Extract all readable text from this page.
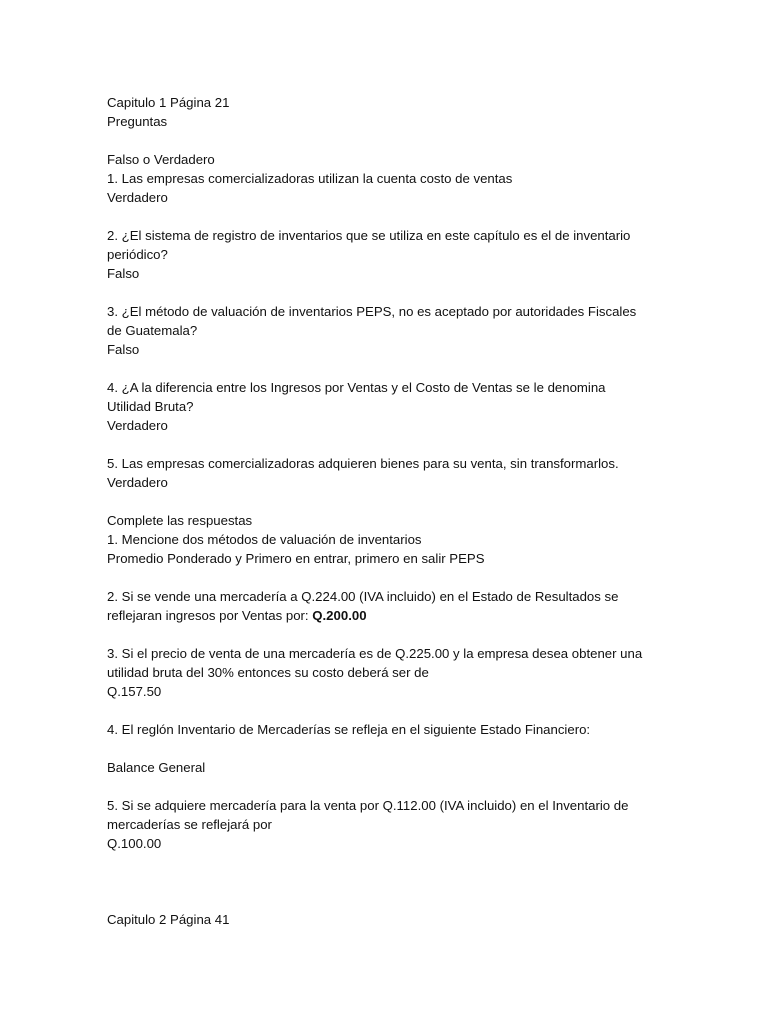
Capitulo 1 Página 21
Preguntas
Falso o Verdadero
1. Las empresas comercializadoras utilizan la cuenta costo de ventas
Verdadero
2. ¿El sistema de registro de inventarios que se utiliza en este capítulo es el de inventario
periódico?
Falso
3. ¿El método de valuación de inventarios PEPS, no es aceptado por autoridades Fiscales
de Guatemala?
Falso
4. ¿A la diferencia entre los Ingresos por Ventas y el Costo de Ventas se le denomina
Utilidad Bruta?
Verdadero
5. Las empresas comercializadoras adquieren bienes para su venta, sin transformarlos.
Verdadero
Complete las respuestas
1. Mencione dos métodos de valuación de inventarios
Promedio Ponderado y Primero en entrar, primero en salir PEPS
2. Si se vende una mercadería a Q.224.00 (IVA incluido) en el Estado de Resultados se
reflejaran ingresos por Ventas por: Q.200.00
3. Si el precio de venta de una mercadería es de Q.225.00 y la empresa desea obtener una
utilidad bruta del 30% entonces su costo deberá ser de
Q.157.50
4. El reglón Inventario de Mercaderías se refleja en el siguiente Estado Financiero:
Balance General
5. Si se adquiere mercadería para la venta por Q.112.00 (IVA incluido) en el Inventario de
mercaderías se reflejará por
Q.100.00
Capitulo 2 Página 41
